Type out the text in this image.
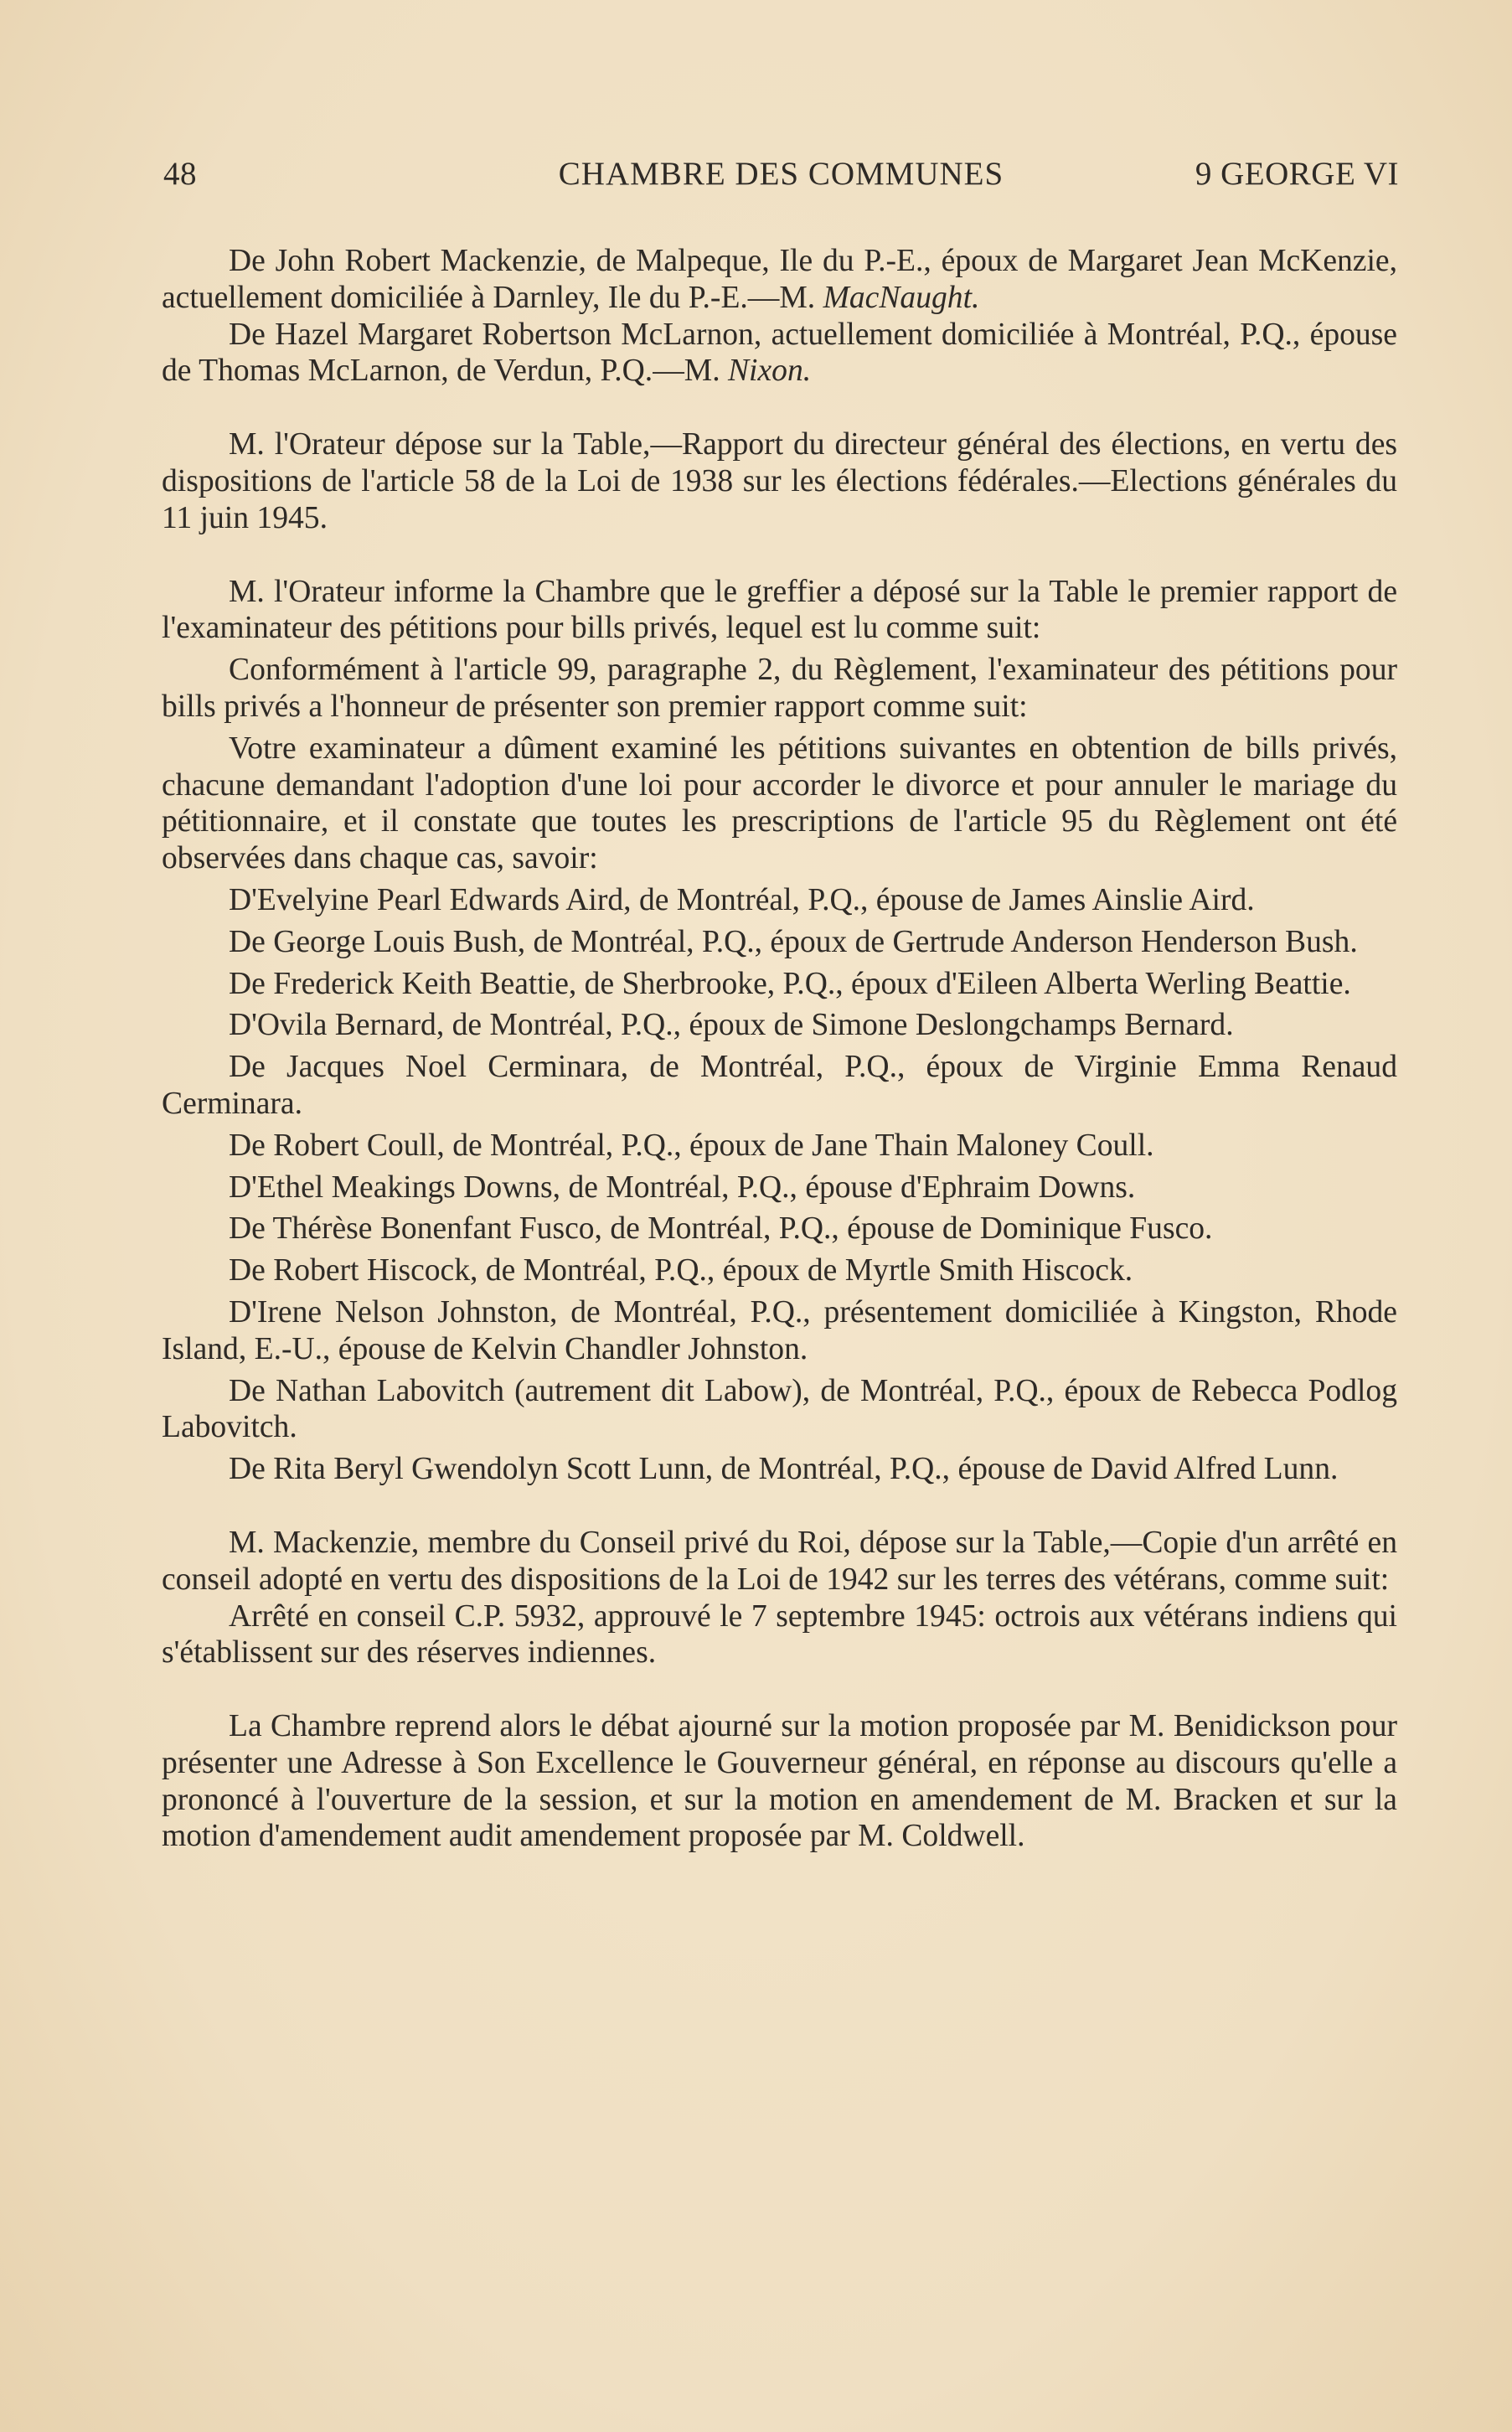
48	CHAMBRE DES COMMUNES	9 GEORGE VI

De John Robert Mackenzie, de Malpeque, Ile du P.-E., époux de Margaret Jean McKenzie, actuellement domiciliée à Darnley, Ile du P.-E.—M. MacNaught.

De Hazel Margaret Robertson McLarnon, actuellement domiciliée à Montréal, P.Q., épouse de Thomas McLarnon, de Verdun, P.Q.—M. Nixon.

M. l'Orateur dépose sur la Table,—Rapport du directeur général des élections, en vertu des dispositions de l'article 58 de la Loi de 1938 sur les élections fédérales.—Elections générales du 11 juin 1945.

M. l'Orateur informe la Chambre que le greffier a déposé sur la Table le premier rapport de l'examinateur des pétitions pour bills privés, lequel est lu comme suit:

Conformément à l'article 99, paragraphe 2, du Règlement, l'examinateur des pétitions pour bills privés a l'honneur de présenter son premier rapport comme suit:

Votre examinateur a dûment examiné les pétitions suivantes en obtention de bills privés, chacune demandant l'adoption d'une loi pour accorder le divorce et pour annuler le mariage du pétitionnaire, et il constate que toutes les prescriptions de l'article 95 du Règlement ont été observées dans chaque cas, savoir:

D'Evelyine Pearl Edwards Aird, de Montréal, P.Q., épouse de James Ainslie Aird.

De George Louis Bush, de Montréal, P.Q., époux de Gertrude Anderson Henderson Bush.

De Frederick Keith Beattie, de Sherbrooke, P.Q., époux d'Eileen Alberta Werling Beattie.

D'Ovila Bernard, de Montréal, P.Q., époux de Simone Deslongchamps Bernard.

De Jacques Noel Cerminara, de Montréal, P.Q., époux de Virginie Emma Renaud Cerminara.

De Robert Coull, de Montréal, P.Q., époux de Jane Thain Maloney Coull.

D'Ethel Meakings Downs, de Montréal, P.Q., épouse d'Ephraim Downs.

De Thérèse Bonenfant Fusco, de Montréal, P.Q., épouse de Dominique Fusco.

De Robert Hiscock, de Montréal, P.Q., époux de Myrtle Smith Hiscock.

D'Irene Nelson Johnston, de Montréal, P.Q., présentement domiciliée à Kingston, Rhode Island, E.-U., épouse de Kelvin Chandler Johnston.

De Nathan Labovitch (autrement dit Labow), de Montréal, P.Q., époux de Rebecca Podlog Labovitch.

De Rita Beryl Gwendolyn Scott Lunn, de Montréal, P.Q., épouse de David Alfred Lunn.

M. Mackenzie, membre du Conseil privé du Roi, dépose sur la Table,—Copie d'un arrêté en conseil adopté en vertu des dispositions de la Loi de 1942 sur les terres des vétérans, comme suit:

Arrêté en conseil C.P. 5932, approuvé le 7 septembre 1945: octrois aux vétérans indiens qui s'établissent sur des réserves indiennes.

La Chambre reprend alors le débat ajourné sur la motion proposée par M. Benidickson pour présenter une Adresse à Son Excellence le Gouverneur général, en réponse au discours qu'elle a prononcé à l'ouverture de la session, et sur la motion en amendement de M. Bracken et sur la motion d'amendement audit amendement proposée par M. Coldwell.
